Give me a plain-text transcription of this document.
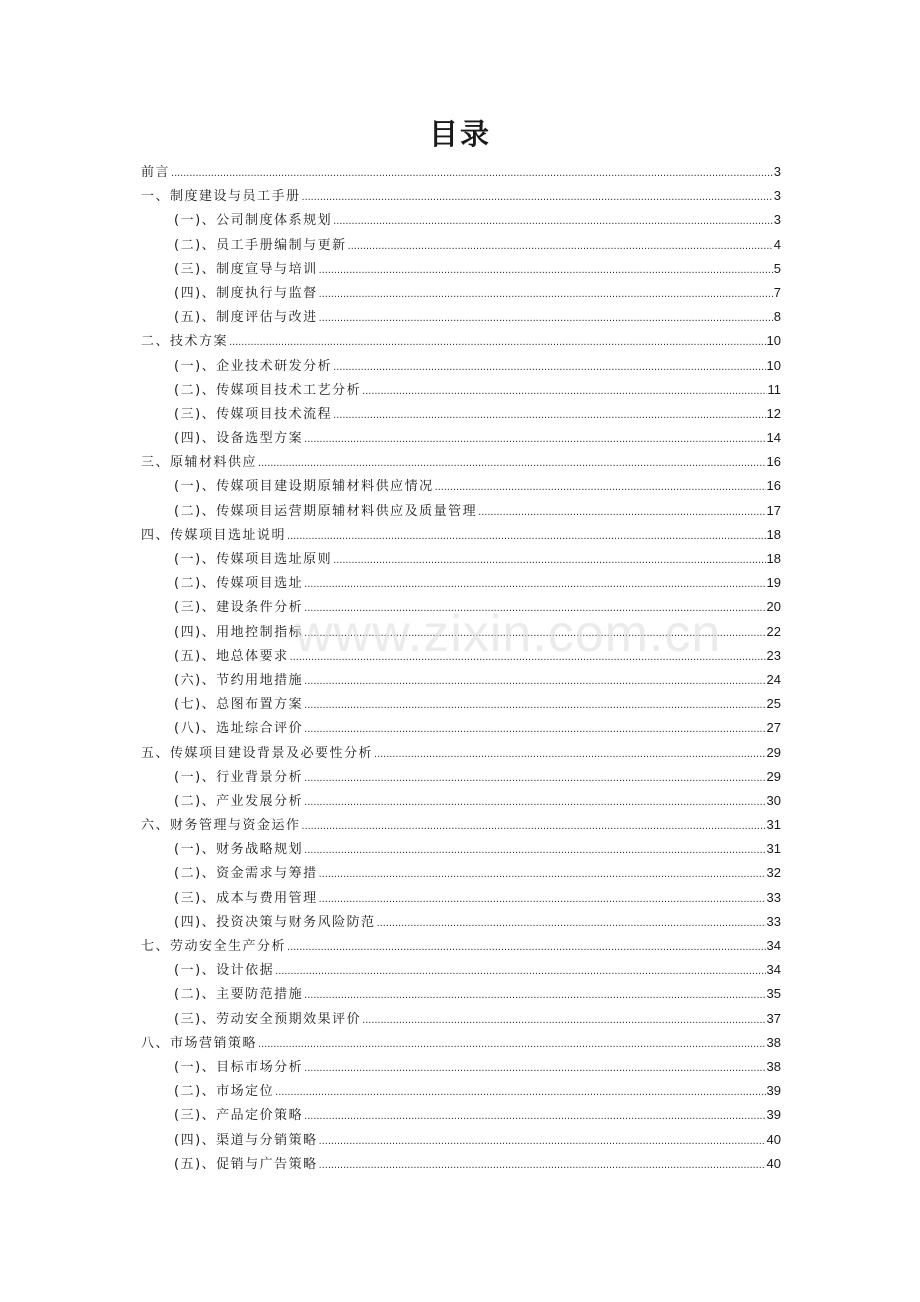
目录
前言 .....	3
一、制度建设与员工手册 .....	3
(一)、公司制度体系规划 .....	3
(二)、员工手册编制与更新 .....	4
(三)、制度宣导与培训 .....	5
(四)、制度执行与监督 .....	7
(五)、制度评估与改进 .....	8
二、技术方案 .....	10
(一)、企业技术研发分析 .....	10
(二)、传媒项目技术工艺分析 .....	11
(三)、传媒项目技术流程 .....	12
(四)、设备选型方案 .....	14
三、原辅材料供应 .....	16
(一)、传媒项目建设期原辅材料供应情况 .....	16
(二)、传媒项目运营期原辅材料供应及质量管理 .....	17
四、传媒项目选址说明 .....	18
(一)、传媒项目选址原则 .....	18
(二)、传媒项目选址 .....	19
(三)、建设条件分析 .....	20
(四)、用地控制指标 .....	22
(五)、地总体要求 .....	23
(六)、节约用地措施 .....	24
(七)、总图布置方案 .....	25
(八)、选址综合评价 .....	27
五、传媒项目建设背景及必要性分析 .....	29
(一)、行业背景分析 .....	29
(二)、产业发展分析 .....	30
六、财务管理与资金运作 .....	31
(一)、财务战略规划 .....	31
(二)、资金需求与筹措 .....	32
(三)、成本与费用管理 .....	33
(四)、投资决策与财务风险防范 .....	33
七、劳动安全生产分析 .....	34
(一)、设计依据 .....	34
(二)、主要防范措施 .....	35
(三)、劳动安全预期效果评价 .....	37
八、市场营销策略 .....	38
(一)、目标市场分析 .....	38
(二)、市场定位 .....	39
(三)、产品定价策略 .....	39
(四)、渠道与分销策略 .....	40
(五)、促销与广告策略 .....	40
www.zixin.com.cn
